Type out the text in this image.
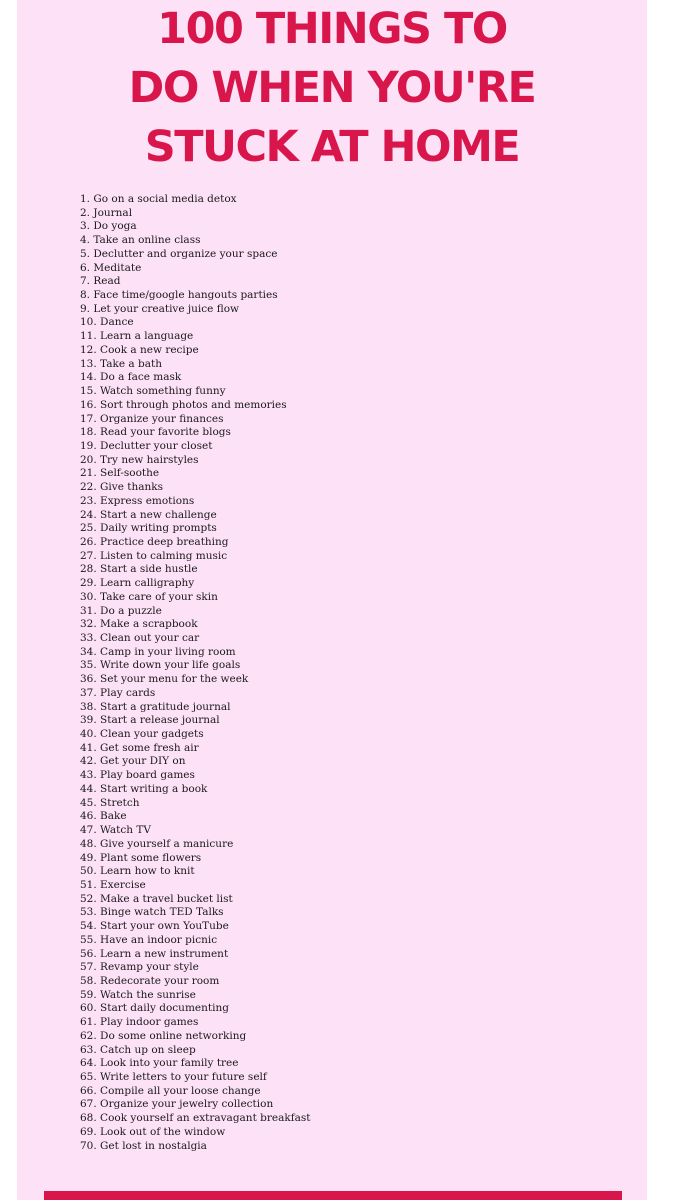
100 THINGS TO
DO WHEN YOU'RE
STUCK AT HOME
1. Go on a social media detox
2. Journal
3. Do yoga
4. Take an online class
5. Declutter and organize your space
6. Meditate
7. Read
8. Face time/google hangouts parties
9. Let your creative juice flow
10. Dance
11. Learn a language
12. Cook a new recipe
13. Take a bath
14. Do a face mask
15. Watch something funny
16. Sort through photos and memories
17. Organize your finances
18. Read your favorite blogs
19. Declutter your closet
20. Try new hairstyles
21. Self-soothe
22. Give thanks
23. Express emotions
24. Start a new challenge
25. Daily writing prompts
26. Practice deep breathing
27. Listen to calming music
28. Start a side hustle
29. Learn calligraphy
30. Take care of your skin
31. Do a puzzle
32. Make a scrapbook
33. Clean out your car
34. Camp in your living room
35. Write down your life goals
36. Set your menu for the week
37. Play cards
38. Start a gratitude journal
39. Start a release journal
40. Clean your gadgets
41. Get some fresh air
42. Get your DIY on
43. Play board games
44. Start writing a book
45. Stretch
46. Bake
47. Watch TV
48. Give yourself a manicure
49. Plant some flowers
50. Learn how to knit
51. Exercise
52. Make a travel bucket list
53. Binge watch TED Talks
54. Start your own YouTube
55. Have an indoor picnic
56. Learn a new instrument
57. Revamp your style
58. Redecorate your room
59. Watch the sunrise
60. Start daily documenting
61. Play indoor games
62. Do some online networking
63. Catch up on sleep
64. Look into your family tree
65. Write letters to your future self
66. Compile all your loose change
67. Organize your jewelry collection
68. Cook yourself an extravagant breakfast
69. Look out of the window
70. Get lost in nostalgia
